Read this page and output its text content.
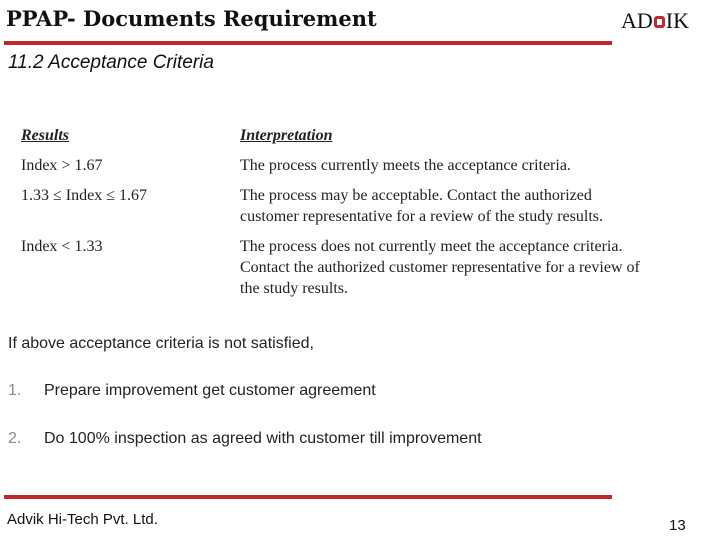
PPAP- Documents Requirement	AD IK
11.2 Acceptance Criteria
Results	Interpretation
Index > 1.67	The process currently meets the acceptance criteria.
1.33 ≤ Index ≤ 1.67	The process may be acceptable. Contact the authorized
customer representative for a review of the study results.
Index < 1.33	The process does not currently meet the acceptance criteria.
Contact the authorized customer representative for a review of
the study results.
If above acceptance criteria is not satisfied,
1. Prepare improvement get customer agreement
2. Do 100% inspection as agreed with customer till improvement
Advik Hi-Tech Pvt. Ltd.	13
